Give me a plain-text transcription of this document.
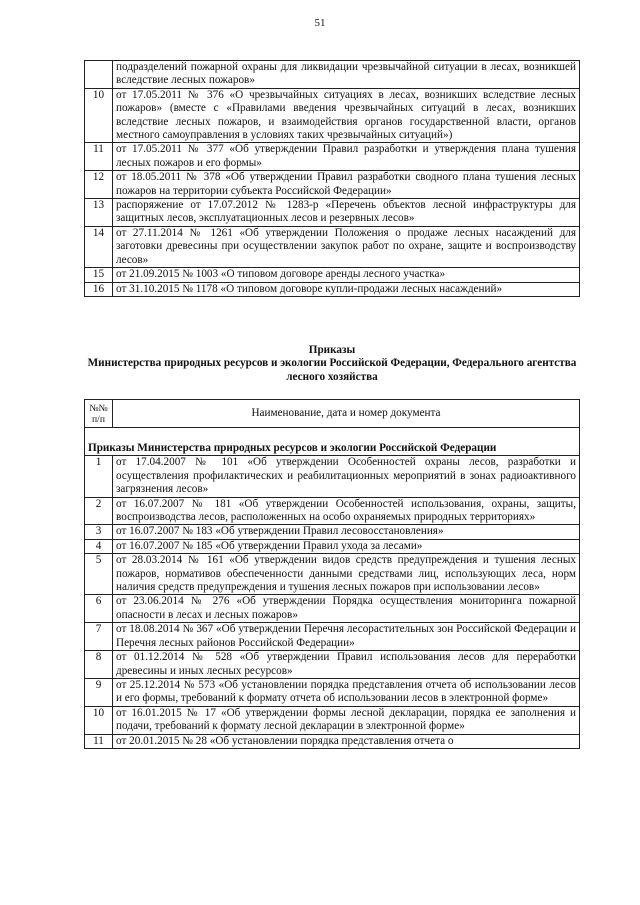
51
	подразделений пожарной охраны для ликвидации чрезвычайной ситуации в лесах, возникшей вследствие лесных пожаров»
10	от 17.05.2011 № 376 «О чрезвычайных ситуациях в лесах, возникших вследствие лесных пожаров» (вместе с «Правилами введения чрезвычайных ситуаций в лесах, возникших вследствие лесных пожаров, и взаимодействия органов государственной власти, органов местного самоуправления в условиях таких чрезвычайных ситуаций»)
11	от 17.05.2011 № 377 «Об утверждении Правил разработки и утверждения плана тушения лесных пожаров и его формы»
12	от 18.05.2011 № 378 «Об утверждении Правил разработки сводного плана тушения лесных пожаров на территории субъекта Российской Федерации»
13	распоряжение от 17.07.2012 № 1283-р «Перечень объектов лесной инфраструктуры для защитных лесов, эксплуатационных лесов и резервных лесов»
14	от 27.11.2014 № 1261 «Об утверждении Положения о продаже лесных насаждений для заготовки древесины при осуществлении закупок работ по охране, защите и воспроизводству лесов»
15	от 21.09.2015 № 1003 «О типовом договоре аренды лесного участка»
16	от 31.10.2015 № 1178 «О типовом договоре купли-продажи лесных насаждений»
Приказы
Министерства природных ресурсов и экологии Российской Федерации, Федерального агентства лесного хозяйства
№№ п/п	Наименование, дата и номер документа
Приказы Министерства природных ресурсов и экологии Российской Федерации	
1	от 17.04.2007 № 101 «Об утверждении Особенностей охраны лесов, разработки и осуществления профилактических и реабилитационных мероприятий в зонах радиоактивного загрязнения лесов»
2	от 16.07.2007 № 181 «Об утверждении Особенностей использования, охраны, защиты, воспроизводства лесов, расположенных на особо охраняемых природных территориях»
3	от 16.07.2007 № 183 «Об утверждении Правил лесовосстановления»
4	от 16.07.2007 № 185 «Об утверждении Правил ухода за лесами»
5	от 28.03.2014 № 161 «Об утверждении видов средств предупреждения и тушения лесных пожаров, нормативов обеспеченности данными средствами лиц, использующих леса, норм наличия средств предупреждения и тушения лесных пожаров при использовании лесов»
6	от 23.06.2014 № 276 «Об утверждении Порядка осуществления мониторинга пожарной опасности в лесах и лесных пожаров»
7	от 18.08.2014 № 367 «Об утверждении Перечня лесорастительных зон Российской Федерации и Перечня лесных районов Российской Федерации»
8	от 01.12.2014 № 528 «Об утверждении Правил использования лесов для переработки древесины и иных лесных ресурсов»
9	от 25.12.2014 № 573 «Об установлении порядка представления отчета об использовании лесов и его формы, требований к формату отчета об использовании лесов в электронной форме»
10	от 16.01.2015 № 17 «Об утверждении формы лесной декларации, порядка ее заполнения и подачи, требований к формату лесной декларации в электронной форме»
11	от 20.01.2015 № 28 «Об установлении порядка представления отчета о
